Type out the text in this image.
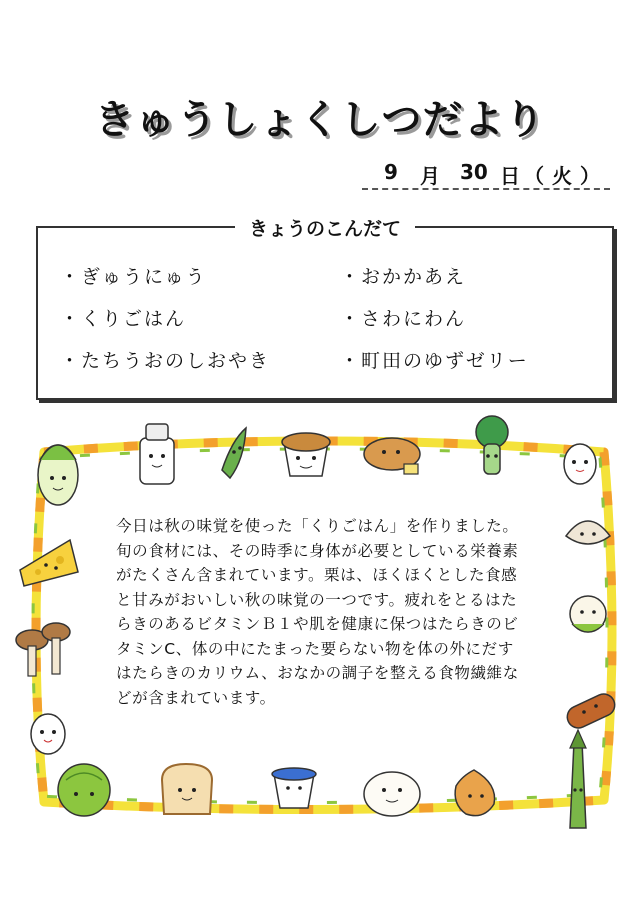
きゅうしょくしつだより
9 月 30 日 （ 火 ）
きょうのこんだて
・ぎゅうにゅう	・おかかあえ
・くりごはん	・さわにわん
・たちうおのしおやき	・町田のゆずゼリー
今日は秋の味覚を使った「くりごはん」を作りました。旬の食材には、その時季に身体が必要としている栄養素がたくさん含まれています。栗は、ほくほくとした食感と甘みがおいしい秋の味覚の一つです。疲れをとるはたらきのあるビタミンＢ１や肌を健康に保つはたらきのビタミンC、体の中にたまった要らない物を体の外にだすはたらきのカリウム、おなかの調子を整える食物繊維などが含まれています。
